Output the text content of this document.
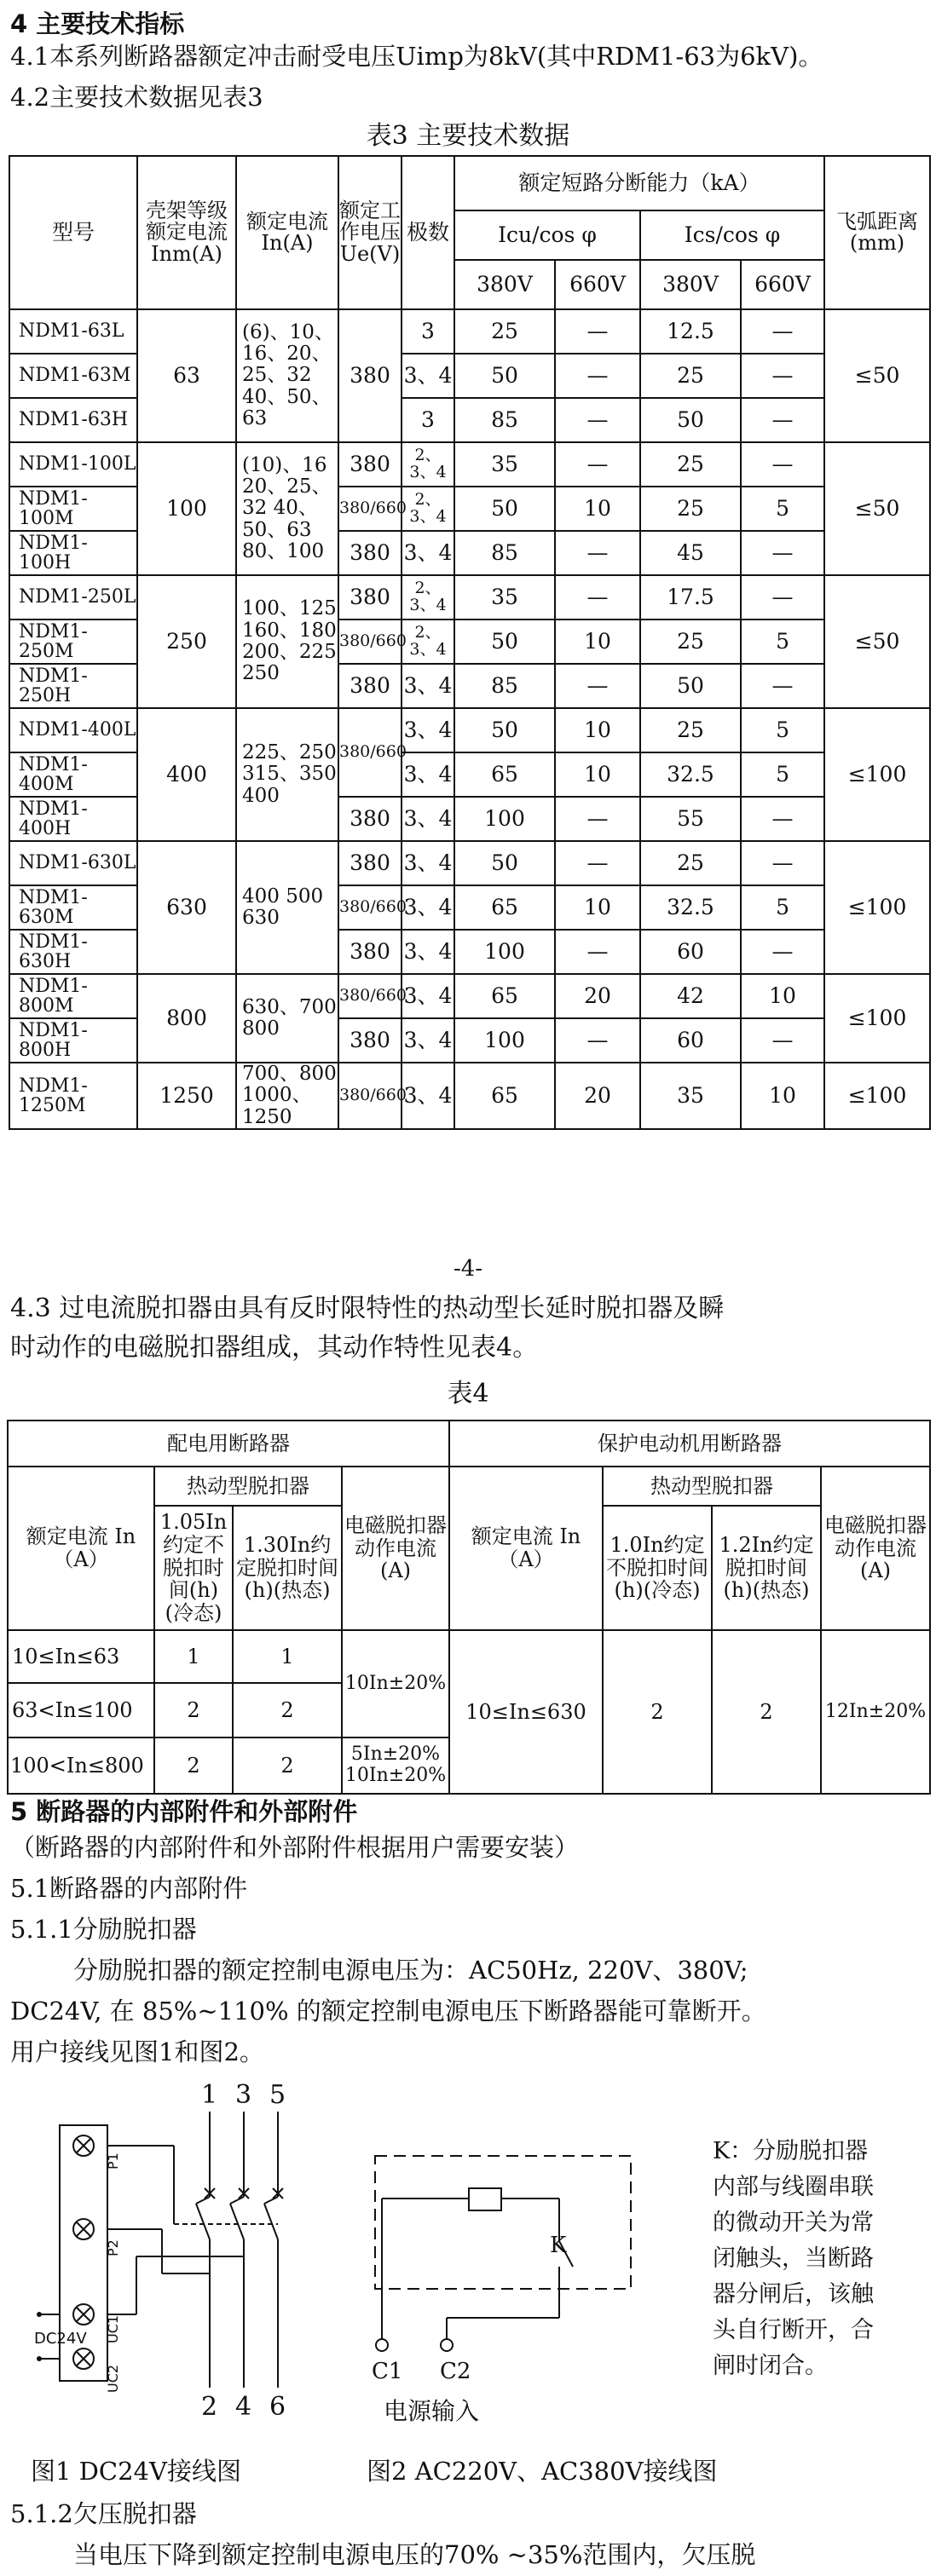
4 主要技术指标
4.1本系列断路器额定冲击耐受电压Uimp为8kV(其中RDM1-63为6kV)。
4.2主要技术数据见表3
表3 主要技术数据
型号	壳架等级额定电流Inm(A)	额定电流In(A)	额定工作电压Ue(V)	极数	额定短路分断能力（kA）				飞弧距离(mm)
					Icu/cos φ		Ics/cos φ		
					380V	660V	380V	660V	
NDM1-63L	63	(6)、10、16、20、25、32 40、50、63	380	3	25	—	12.5	—	≤50
NDM1-63M				3、4	50	—	25	—	
NDM1-63H				3	85	—	50	—	
NDM1-100L	100	(10)、16 20、25、32 40、50、63 80、100	380	2、3、4	35	—	25	—	≤50
NDM1-100M			380/660	2、3、4	50	10	25	5	
NDM1-100H			380	3、4	85	—	45	—	
NDM1-250L	250	100、125 160、180 200、225 250	380	2、3、4	35	—	17.5	—	≤50
NDM1-250M			380/660	2、3、4	50	10	25	5	
NDM1-250H			380	3、4	85	—	50	—	
NDM1-400L	400	225、250 315、350 400	380/660	3、4	50	10	25	5	≤100
NDM1-400M				3、4	65	10	32.5	5	
NDM1-400H			380	3、4	100	—	55	—	
NDM1-630L	630	400 500 630	380	3、4	50	—	25	—	≤100
NDM1-630M			380/660	3、4	65	10	32.5	5	
NDM1-630H			380	3、4	100	—	60	—	
NDM1-800M	800	630、700 800	380/660	3、4	65	20	42	10	≤100
NDM1-800H			380	3、4	100	—	60	—	
NDM1-1250M	1250	700、800 1000、1250	380/660	3、4	65	20	35	10	≤100
-4-
4.3 过电流脱扣器由具有反时限特性的热动型长延时脱扣器及瞬
时动作的电磁脱扣器组成，其动作特性见表4。
表4
配电用断路器				保护电动机用断路器			
额定电流 In（A）	热动型脱扣器		电磁脱扣器动作电流(A)	额定电流 In（A）	热动型脱扣器		电磁脱扣器动作电流(A)
	1.05In约定不脱扣时间(h)(冷态)	1.30In约定脱扣时间(h)(热态)			1.0In约定不脱扣时间(h)(冷态)	1.2In约定脱扣时间(h)(热态)	
10≤In≤63	1	1	10In±20%	10≤In≤630	2	2	12In±20%
63<In≤100	2	2					
100<In≤800	2	2	5In±20% 10In±20%				
5 断路器的内部附件和外部附件
（断路器的内部附件和外部附件根据用户需要安装）
5.1断路器的内部附件
5.1.1分励脱扣器
分励脱扣器的额定控制电源电压为：AC50Hz, 220V、380V;
DC24V, 在 85%~110% 的额定控制电源电压下断路器能可靠断开。
用户接线见图1和图2。
1 3 5
2 4 6
P1
P2
UC1
UC2
DC24V
K
C1 C2
电源输入
K：分励脱扣器
内部与线圈串联
的微动开关为常
闭触头，当断路
器分闸后，该触
头自行断开，合
闸时闭合。
图1 DC24V接线图	图2 AC220V、AC380V接线图
5.1.2欠压脱扣器
当电压下降到额定控制电源电压的70% ~35%范围内，欠压脱
